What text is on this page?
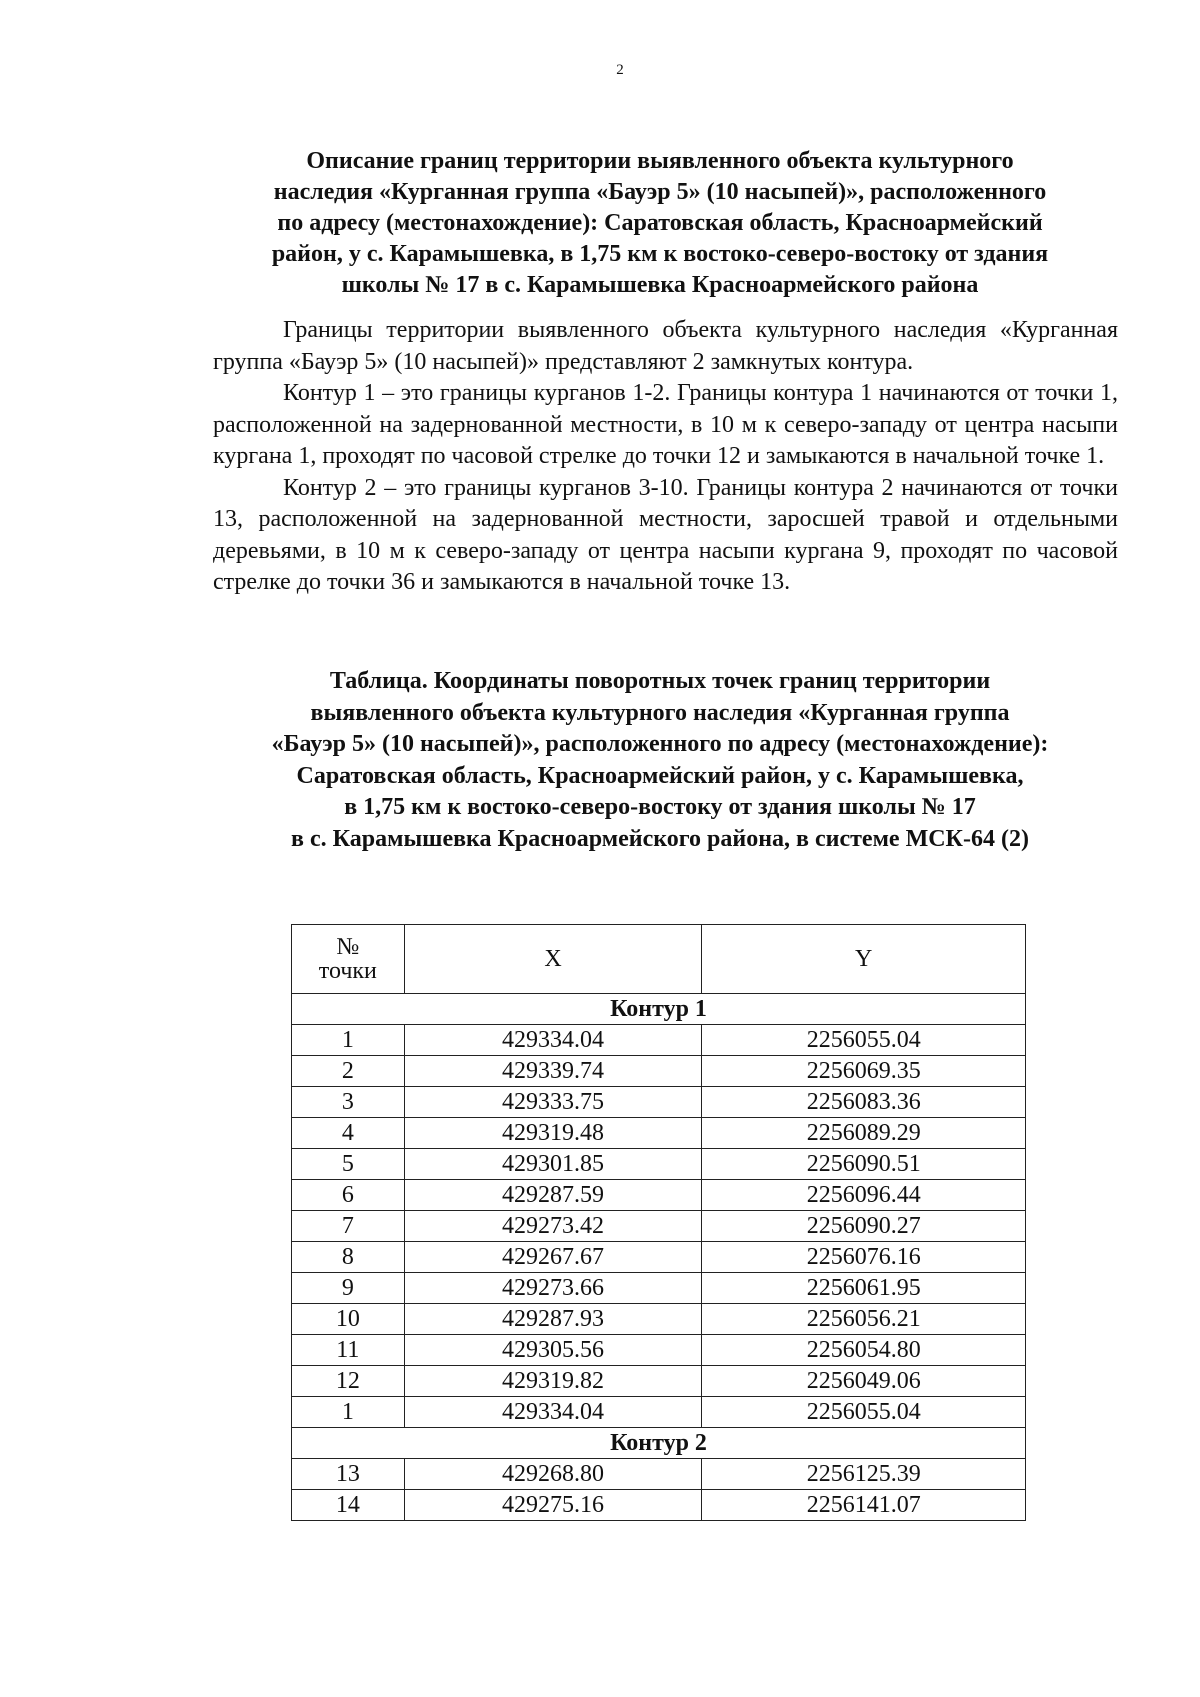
2
Описание границ территории выявленного объекта культурного
наследия «Курганная группа «Бауэр 5» (10 насыпей)», расположенного
по адресу (местонахождение): Саратовская область, Красноармейский
район, у с. Карамышевка, в 1,75 км к востоко-северо-востоку от здания
школы № 17 в с. Карамышевка Красноармейского района

Границы территории выявленного объекта культурного наследия «Курганная группа «Бауэр 5» (10 насыпей)» представляют 2 замкнутых контура.

Контур 1 – это границы курганов 1-2. Границы контура 1 начинаются от точки 1, расположенной на задернованной местности, в 10 м к северо-западу от центра насыпи кургана 1, проходят по часовой стрелке до точки 12 и замыкаются в начальной точке 1.

Контур 2 – это границы курганов 3-10. Границы контура 2 начинаются от точки 13, расположенной на задернованной местности, заросшей травой и отдельными деревьями, в 10 м к северо-западу от центра насыпи кургана 9, проходят по часовой стрелке до точки 36 и замыкаются в начальной точке 13.

Таблица. Координаты поворотных точек границ территории
выявленного объекта культурного наследия «Курганная группа
«Бауэр 5» (10 насыпей)», расположенного по адресу (местонахождение):
Саратовская область, Красноармейский район, у с. Карамышевка,
в 1,75 км к востоко-северо-востоку от здания школы № 17
в с. Карамышевка Красноармейского района, в системе МСК-64 (2)
№
точки	X	Y
Контур 1		
1	429334.04	2256055.04
2	429339.74	2256069.35
3	429333.75	2256083.36
4	429319.48	2256089.29
5	429301.85	2256090.51
6	429287.59	2256096.44
7	429273.42	2256090.27
8	429267.67	2256076.16
9	429273.66	2256061.95
10	429287.93	2256056.21
11	429305.56	2256054.80
12	429319.82	2256049.06
1	429334.04	2256055.04
Контур 2		
13	429268.80	2256125.39
14	429275.16	2256141.07
